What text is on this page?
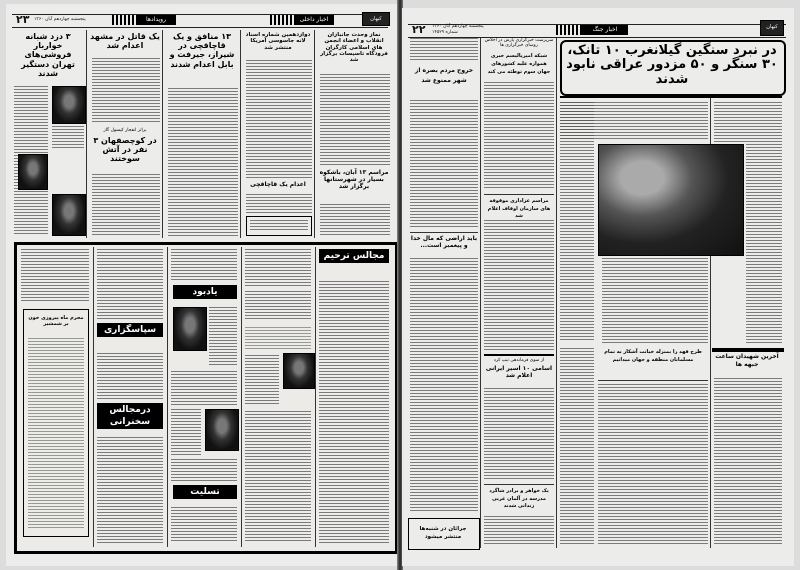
۲۳ پنجشنبه چهاردهم آبان ۱۳۶۰	رویدادها	اخبار داخلی	کیهان
۳ دزد شبانه خواربار فروشی‌های تهران دستگیر شدند
یک قاتل در مشهد اعدام شد
براثر انفجار کپسول گاز
در کوچصفهان ۳ نفر در آتش سوختند
۱۳ منافق و یک قاچاقچی در شیراز، جیرفت و بابل اعدام شدند
دوازدهمین شماره اسناد لانه جاسوسی آمریکا منتشر شد
اعدام یک قاچاقچی
نماز وحدت جانبازان انقلاب و اعضاء انجمن های اسلامی کارگران فرودگاه تاسیسات برگزار شد
مراسم ۱۳ آبان، باشکوه بسیار در شهرستانها برگزار شد
محرم ماه پیروزی خون بر شمشیر
سپاسگزاری
درمجالس سخنرانی
یادبود
تسلیت
مجالس ترحیم
۲۲ پنجشنبه چهاردهم آبان ۱۳۶۰
شماره ۱۴۵۲۹	اخبار جنگ	کیهان
در نبرد سنگین گیلانغرب ۱۰ تانک، ۳۰ سنگر و ۵۰ مزدور عراقی نابود شدند
خروج مردم بصره از شهر ممنوع شد
باید اراضی که مال خدا و پیغمبر است...
جراثان در شنبه‌ها منتشر میشود
سرپرست خبرگزاری پارس در اجلاس روسای خبرگزاری ها
شبکه امپریالیسم خبری همواره علیه کشورهای جهان سوم توطئه می کند
مراسم عزاداری موقوفه های سازمان اوقاف اعلام شد
از سوی فرماندهی تیپ کرد
اسامی ۱۰ اسیر ایرانی اعلام شد
یک خواهر و برادر شاگرد مدرسه در آلمان غربی زندانی شدند
طرح فهد را بمنزله خیانت آشکار به تمام مسلمانان منطقه و جهان میدانیم	آخرین شهیدان ساعت جبهه ها
